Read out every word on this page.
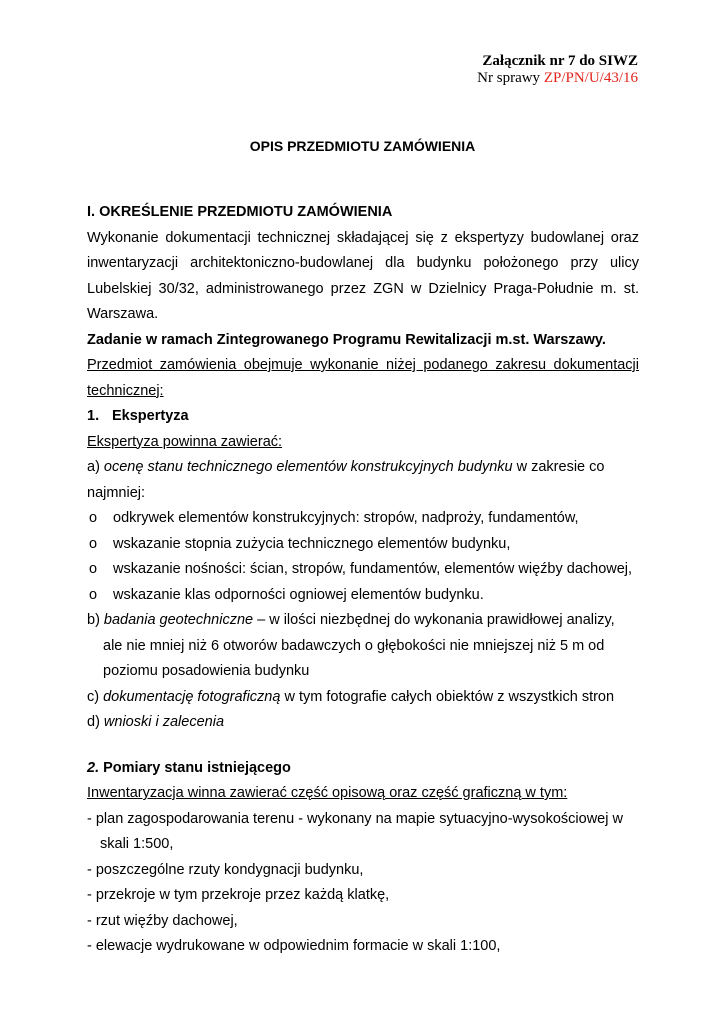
Załącznik nr 7 do SIWZ
Nr sprawy ZP/PN/U/43/16
OPIS PRZEDMIOTU ZAMÓWIENIA

I. OKREŚLENIE PRZEDMIOTU ZAMÓWIENIA

Wykonanie dokumentacji technicznej składającej się z ekspertyzy budowlanej oraz inwentaryzacji architektoniczno-budowlanej dla budynku położonego przy ulicy Lubelskiej 30/32, administrowanego przez ZGN w Dzielnicy Praga-Południe m. st. Warszawa.

Zadanie w ramach Zintegrowanego Programu Rewitalizacji m.st. Warszawy.

Przedmiot zamówienia obejmuje wykonanie niżej podanego zakresu dokumentacji technicznej:

1. Ekspertyza

Ekspertyza powinna zawierać:

a) ocenę stanu technicznego elementów konstrukcyjnych budynku w zakresie co najmniej:

o odkrywek elementów konstrukcyjnych: stropów, nadproży, fundamentów,

o wskazanie stopnia zużycia technicznego elementów budynku,

o wskazanie nośności: ścian, stropów, fundamentów, elementów więźby dachowej,

o wskazanie klas odporności ogniowej elementów budynku.

b) badania geotechniczne – w ilości niezbędnej do wykonania prawidłowej analizy,

ale nie mniej niż 6 otworów badawczych o głębokości nie mniejszej niż 5 m od

poziomu posadowienia budynku

c) dokumentację fotograficzną w tym fotografie całych obiektów z wszystkich stron

d) wnioski i zalecenia

2. Pomiary stanu istniejącego

Inwentaryzacja winna zawierać część opisową oraz część graficzną w tym:

- plan zagospodarowania terenu - wykonany na mapie sytuacyjno-wysokościowej w skali 1:500,

- poszczególne rzuty kondygnacji budynku,

- przekroje w tym przekroje przez każdą klatkę,

- rzut więźby dachowej,

- elewacje wydrukowane w odpowiednim formacie w skali 1:100,
